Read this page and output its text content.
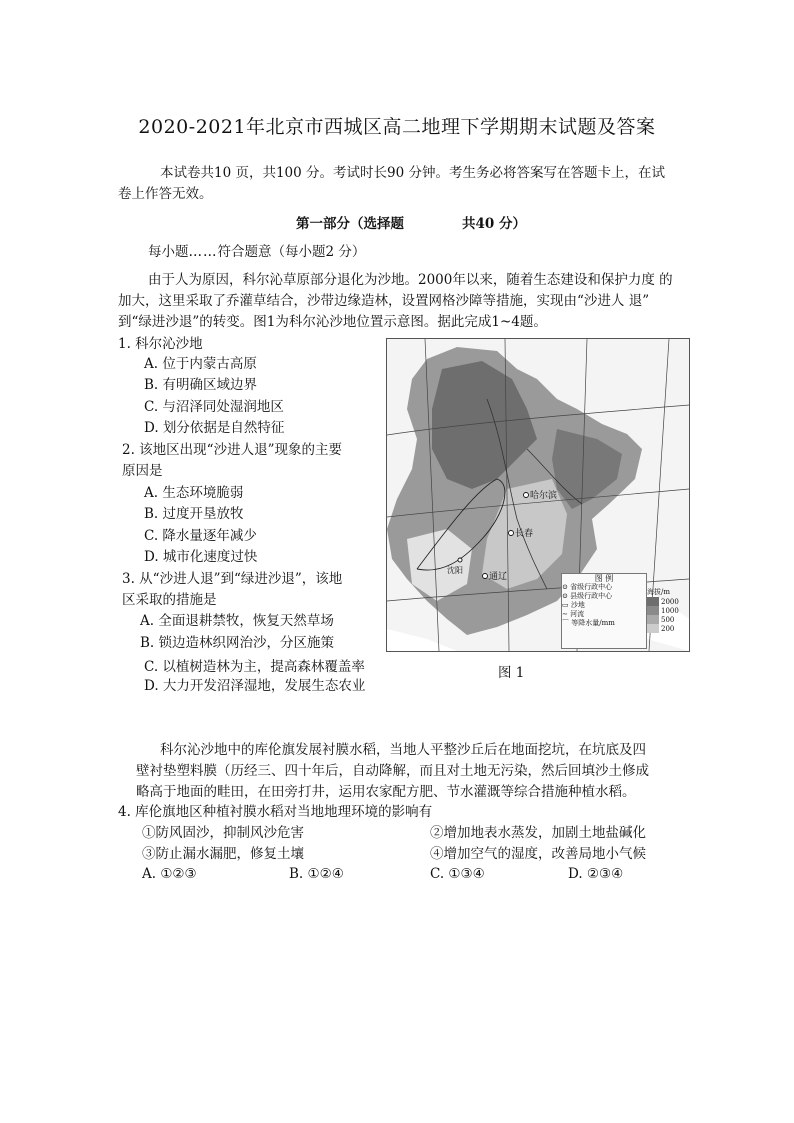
2020-2021年北京市西城区高二地理下学期期末试题及答案
本试卷共10 页，共100 分。考试时长90 分钟。考生务必将答案写在答题卡上，在试
卷上作答无效。
第一部分（选择题	共40 分）
每小题……符合题意（每小题2 分）
由于人为原因，科尔沁草原部分退化为沙地。2000年以来，随着生态建设和保护力度 的
加大，这里采取了乔灌草结合，沙带边缘造林，设置网格沙障等措施，实现由“沙进人 退”
到“绿进沙退”的转变。图1为科尔沁沙地位置示意图。据此完成1~4题。
1. 科尔沁沙地
A. 位于内蒙古高原
B. 有明确区域边界
C. 与沼泽同处湿润地区
D. 划分依据是自然特征
2. 该地区出现“沙进人退”现象的主要
原因是
A. 生态环境脆弱
B. 过度开垦放牧
C. 降水量逐年减少
D. 城市化速度过快
3. 从“沙进人退”到“绿进沙退”，该地
区采取的措施是
A. 全面退耕禁牧，恢复天然草场
B. 锁边造林织网治沙，分区施策
C. 以植树造林为主，提高森林覆盖率
D. 大力开发沼泽湿地，发展生态农业
哈尔滨
长春
沈阳
通辽	图 例
⊙ 省级行政中心
⊙ 县级行政中心
▭ 沙地
∼ 河流
⌒ 等降水量/mm
海拔/m
2000
1000
500
200
图 1
科尔沁沙地中的库伦旗发展衬膜水稻，当地人平整沙丘后在地面挖坑，在坑底及四
壁衬垫塑料膜（历经三、四十年后，自动降解，而且对土地无污染，然后回填沙土修成
略高于地面的畦田，在田旁打井，运用农家配方肥、节水灌溉等综合措施种植水稻。
4. 库伦旗地区种植衬膜水稻对当地地理环境的影响有
①防风固沙，抑制风沙危害	②增加地表水蒸发，加剧土地盐碱化
③防止漏水漏肥，修复土壤	④增加空气的湿度，改善局地小气候
A. ①②③	B. ①②④	C. ①③④	D. ②③④
